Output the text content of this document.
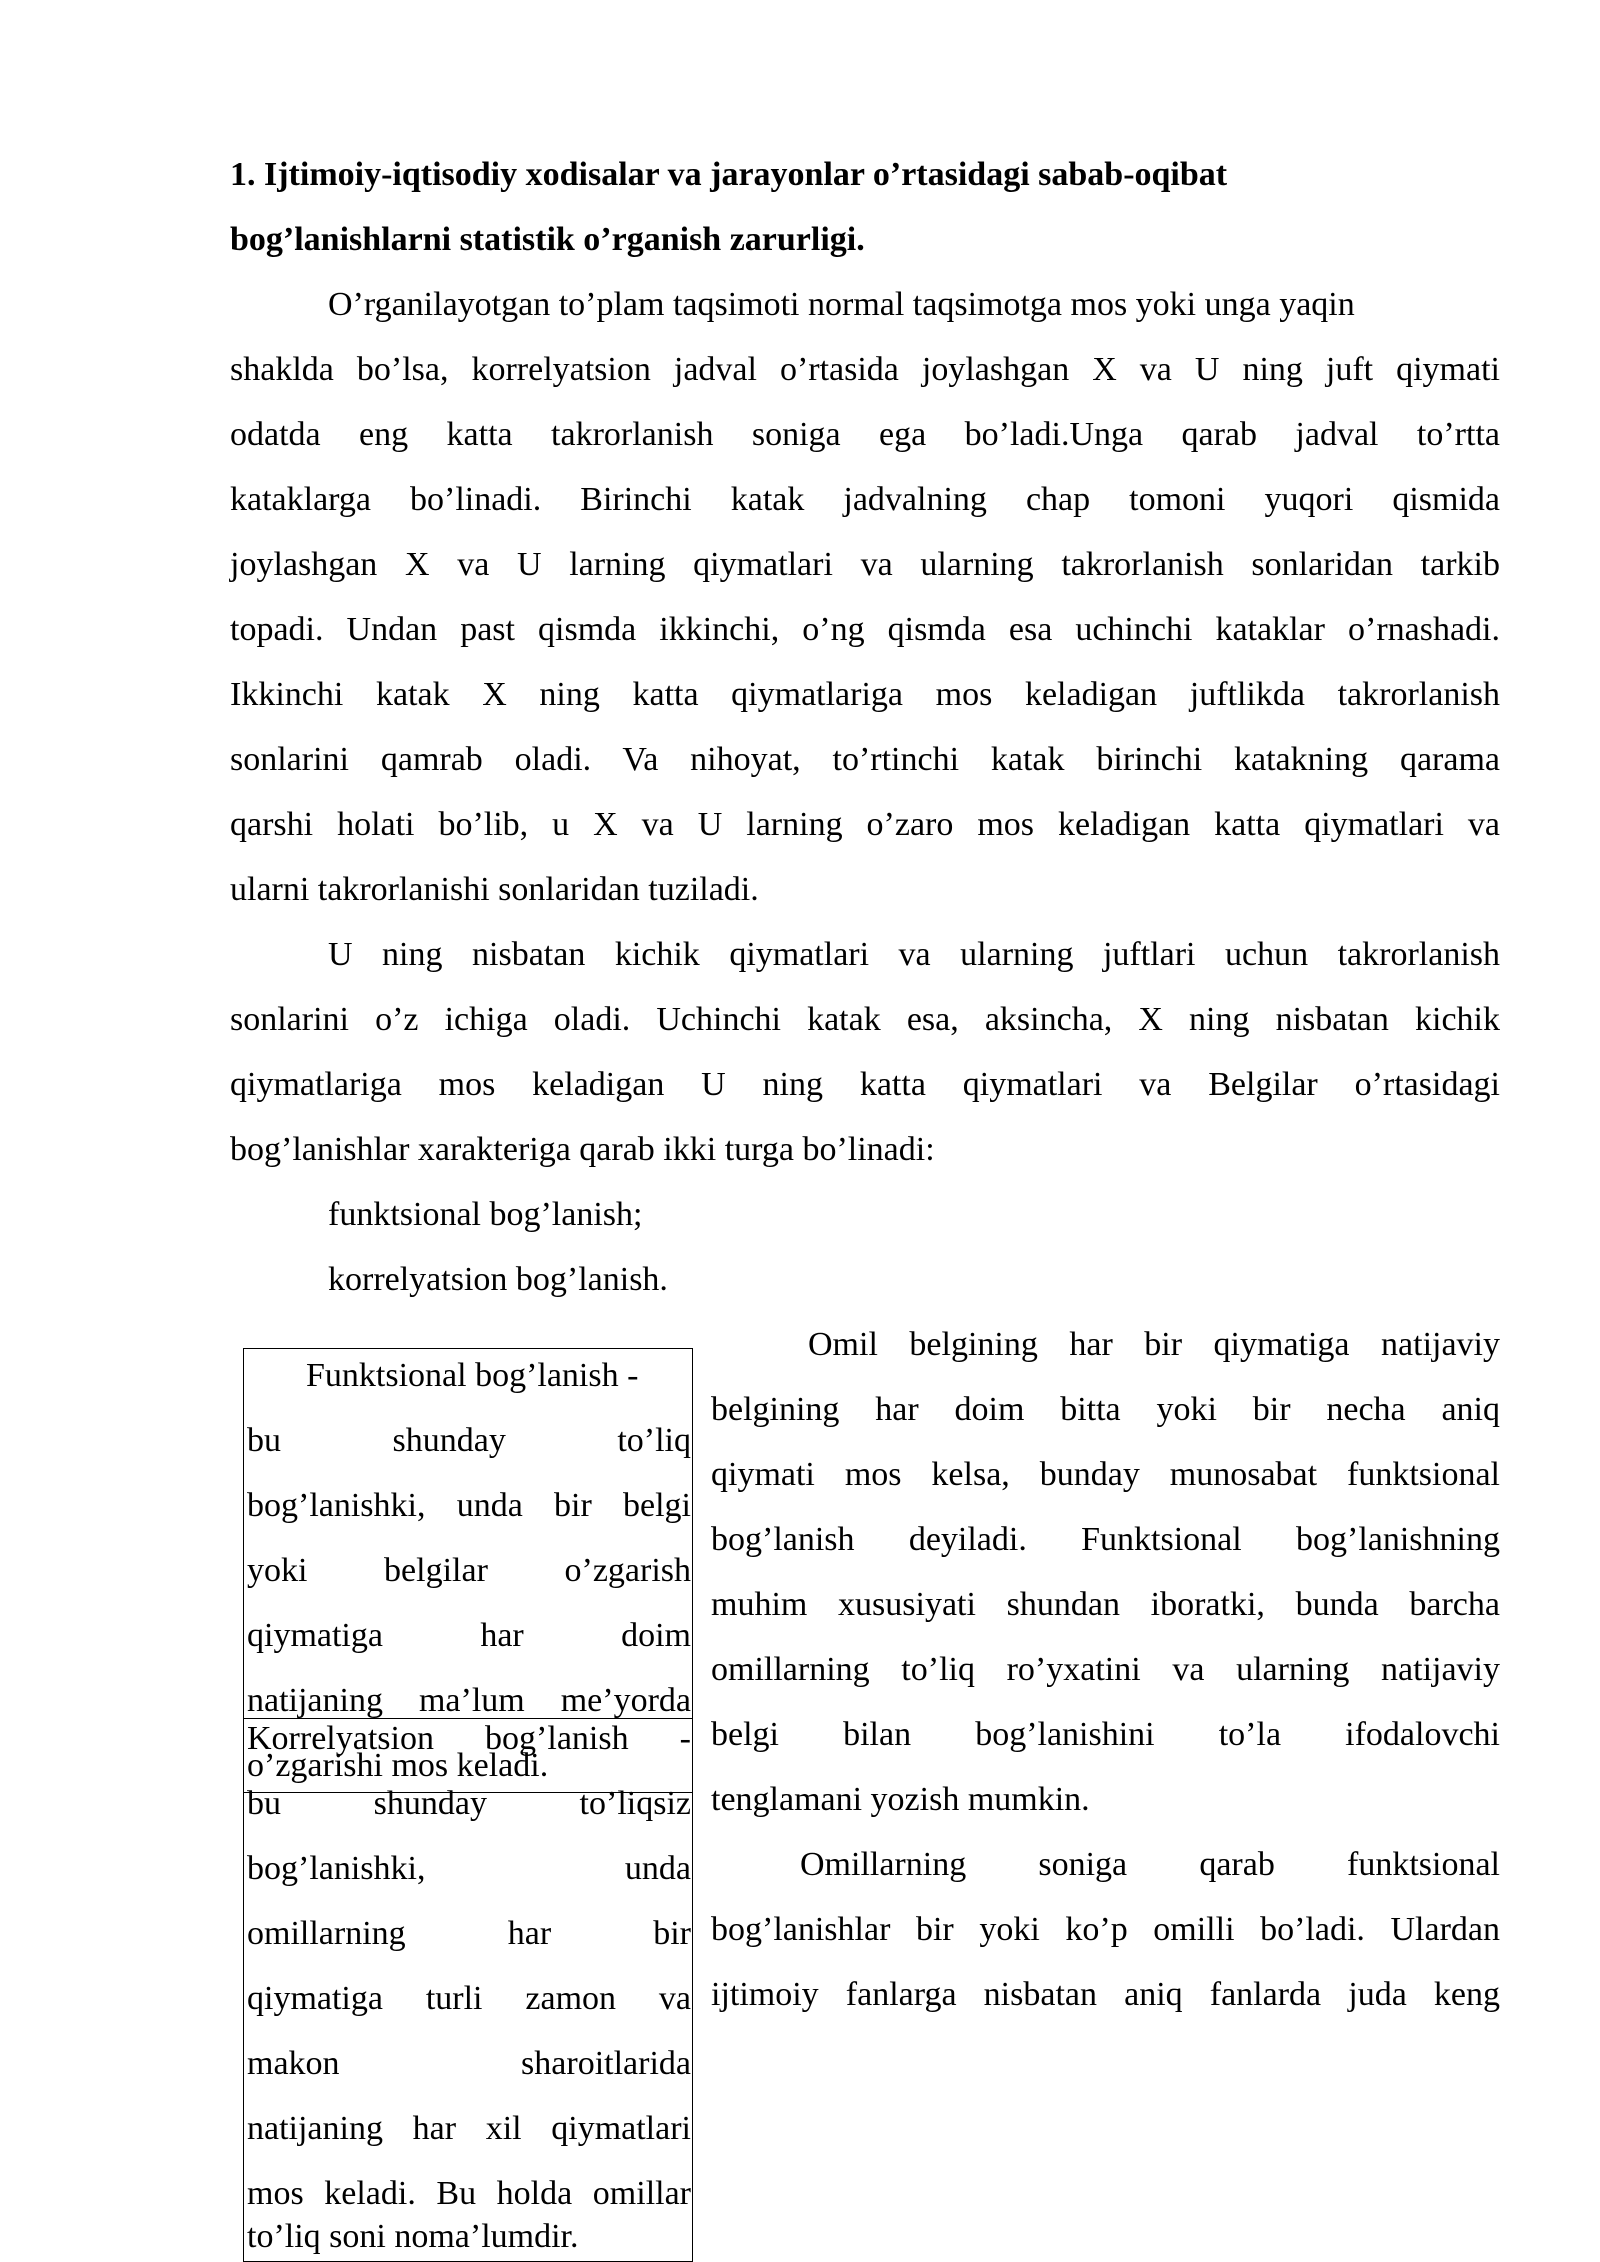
1. Ijtimoiy-iqtisodiy xodisalar va jarayonlar o’rtasidagi sabab-oqibat
bog’lanishlarni statistik o’rganish zarurligi.
O’rganilayotgan to’plam taqsimoti normal taqsimotga mos yoki unga yaqin
shaklda bo’lsa, korrelyatsion jadval o’rtasida joylashgan X va U ning juft qiymati
odatda eng katta takrorlanish soniga ega bo’ladi.Unga qarab jadval to’rtta
kataklarga bo’linadi. Birinchi katak jadvalning chap tomoni yuqori qismida
joylashgan X va U larning qiymatlari va ularning takrorlanish sonlaridan tarkib
topadi. Undan past qismda ikkinchi, o’ng qismda esa uchinchi kataklar o’rnashadi.
Ikkinchi katak X ning katta qiymatlariga mos keladigan juftlikda takrorlanish
sonlarini qamrab oladi. Va nihoyat, to’rtinchi katak birinchi katakning qarama
qarshi holati bo’lib, u X va U larning o’zaro mos keladigan katta qiymatlari va
ularni takrorlanishi sonlaridan tuziladi.
U ning nisbatan kichik qiymatlari va ularning juftlari uchun takrorlanish
sonlarini o’z ichiga oladi. Uchinchi katak esa, aksincha, X ning nisbatan kichik
qiymatlariga mos keladigan U ning katta qiymatlari va Belgilar o’rtasidagi
bog’lanishlar xarakteriga qarab ikki turga bo’linadi:
funktsional bog’lanish;
korrelyatsion bog’lanish.
Funktsional bog’lanish -
bu shunday to’liq
bog’lanishki, unda bir belgi
yoki belgilar o’zgarish
qiymatiga har doim
natijaning ma’lum me’yorda
o’zgarishi mos keladi.
Korrelyatsion bog’lanish -
bu shunday to’liqsiz
bog’lanishki, unda
omillarning har bir
qiymatiga turli zamon va
makon sharoitlarida
natijaning har xil qiymatlari
mos keladi. Bu holda omillar
to’liq soni noma’lumdir.
Omil belgining har bir qiymatiga natijaviy
belgining har doim bitta yoki bir necha aniq
qiymati mos kelsa, bunday munosabat funktsional
bog’lanish deyiladi. Funktsional bog’lanishning
muhim xususiyati shundan iboratki, bunda barcha
omillarning to’liq ro’yxatini va ularning natijaviy
belgi bilan bog’lanishini to’la ifodalovchi
tenglamani yozish mumkin.
Omillarning soniga qarab funktsional
bog’lanishlar bir yoki ko’p omilli bo’ladi. Ulardan
ijtimoiy fanlarga nisbatan aniq fanlarda juda keng
